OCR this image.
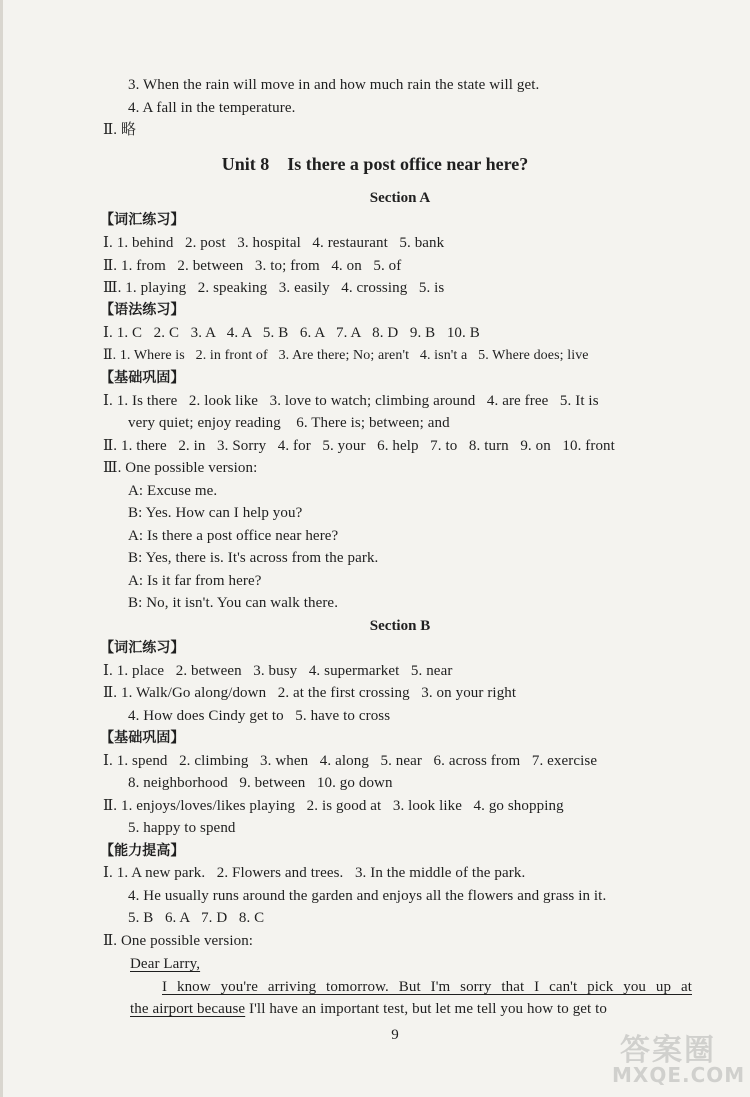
3. When the rain will move in and how much rain the state will get.
4. A fall in the temperature.
Ⅱ. 略
Unit 8    Is there a post office near here?
Section A
【词汇练习】
Ⅰ. 1. behind   2. post   3. hospital   4. restaurant   5. bank
Ⅱ. 1. from   2. between   3. to; from   4. on   5. of
Ⅲ. 1. playing   2. speaking   3. easily   4. crossing   5. is
【语法练习】
Ⅰ. 1. C   2. C   3. A   4. A   5. B   6. A   7. A   8. D   9. B   10. B
Ⅱ. 1. Where is   2. in front of   3. Are there; No; aren't   4. isn't a   5. Where does; live
【基础巩固】
Ⅰ. 1. Is there   2. look like   3. love to watch; climbing around   4. are free   5. It is
very quiet; enjoy reading    6. There is; between; and
Ⅱ. 1. there   2. in   3. Sorry   4. for   5. your   6. help   7. to   8. turn   9. on   10. front
Ⅲ. One possible version:
A: Excuse me.
B: Yes. How can I help you?
A: Is there a post office near here?
B: Yes, there is. It's across from the park.
A: Is it far from here?
B: No, it isn't. You can walk there.
Section B
【词汇练习】
Ⅰ. 1. place   2. between   3. busy   4. supermarket   5. near
Ⅱ. 1. Walk/Go along/down   2. at the first crossing   3. on your right
4. How does Cindy get to   5. have to cross
【基础巩固】
Ⅰ. 1. spend   2. climbing   3. when   4. along   5. near   6. across from   7. exercise
8. neighborhood   9. between   10. go down
Ⅱ. 1. enjoys/loves/likes playing   2. is good at   3. look like   4. go shopping
5. happy to spend
【能力提高】
Ⅰ. 1. A new park.   2. Flowers and trees.   3. In the middle of the park.
4. He usually runs around the garden and enjoys all the flowers and grass in it.
5. B   6. A   7. D   8. C
Ⅱ. One possible version:
Dear Larry,
I know you're arriving tomorrow. But I'm sorry that I can't pick you up at
the airport because I'll have an important test, but let me tell you how to get to
9	答案圈
MXQE.COM
